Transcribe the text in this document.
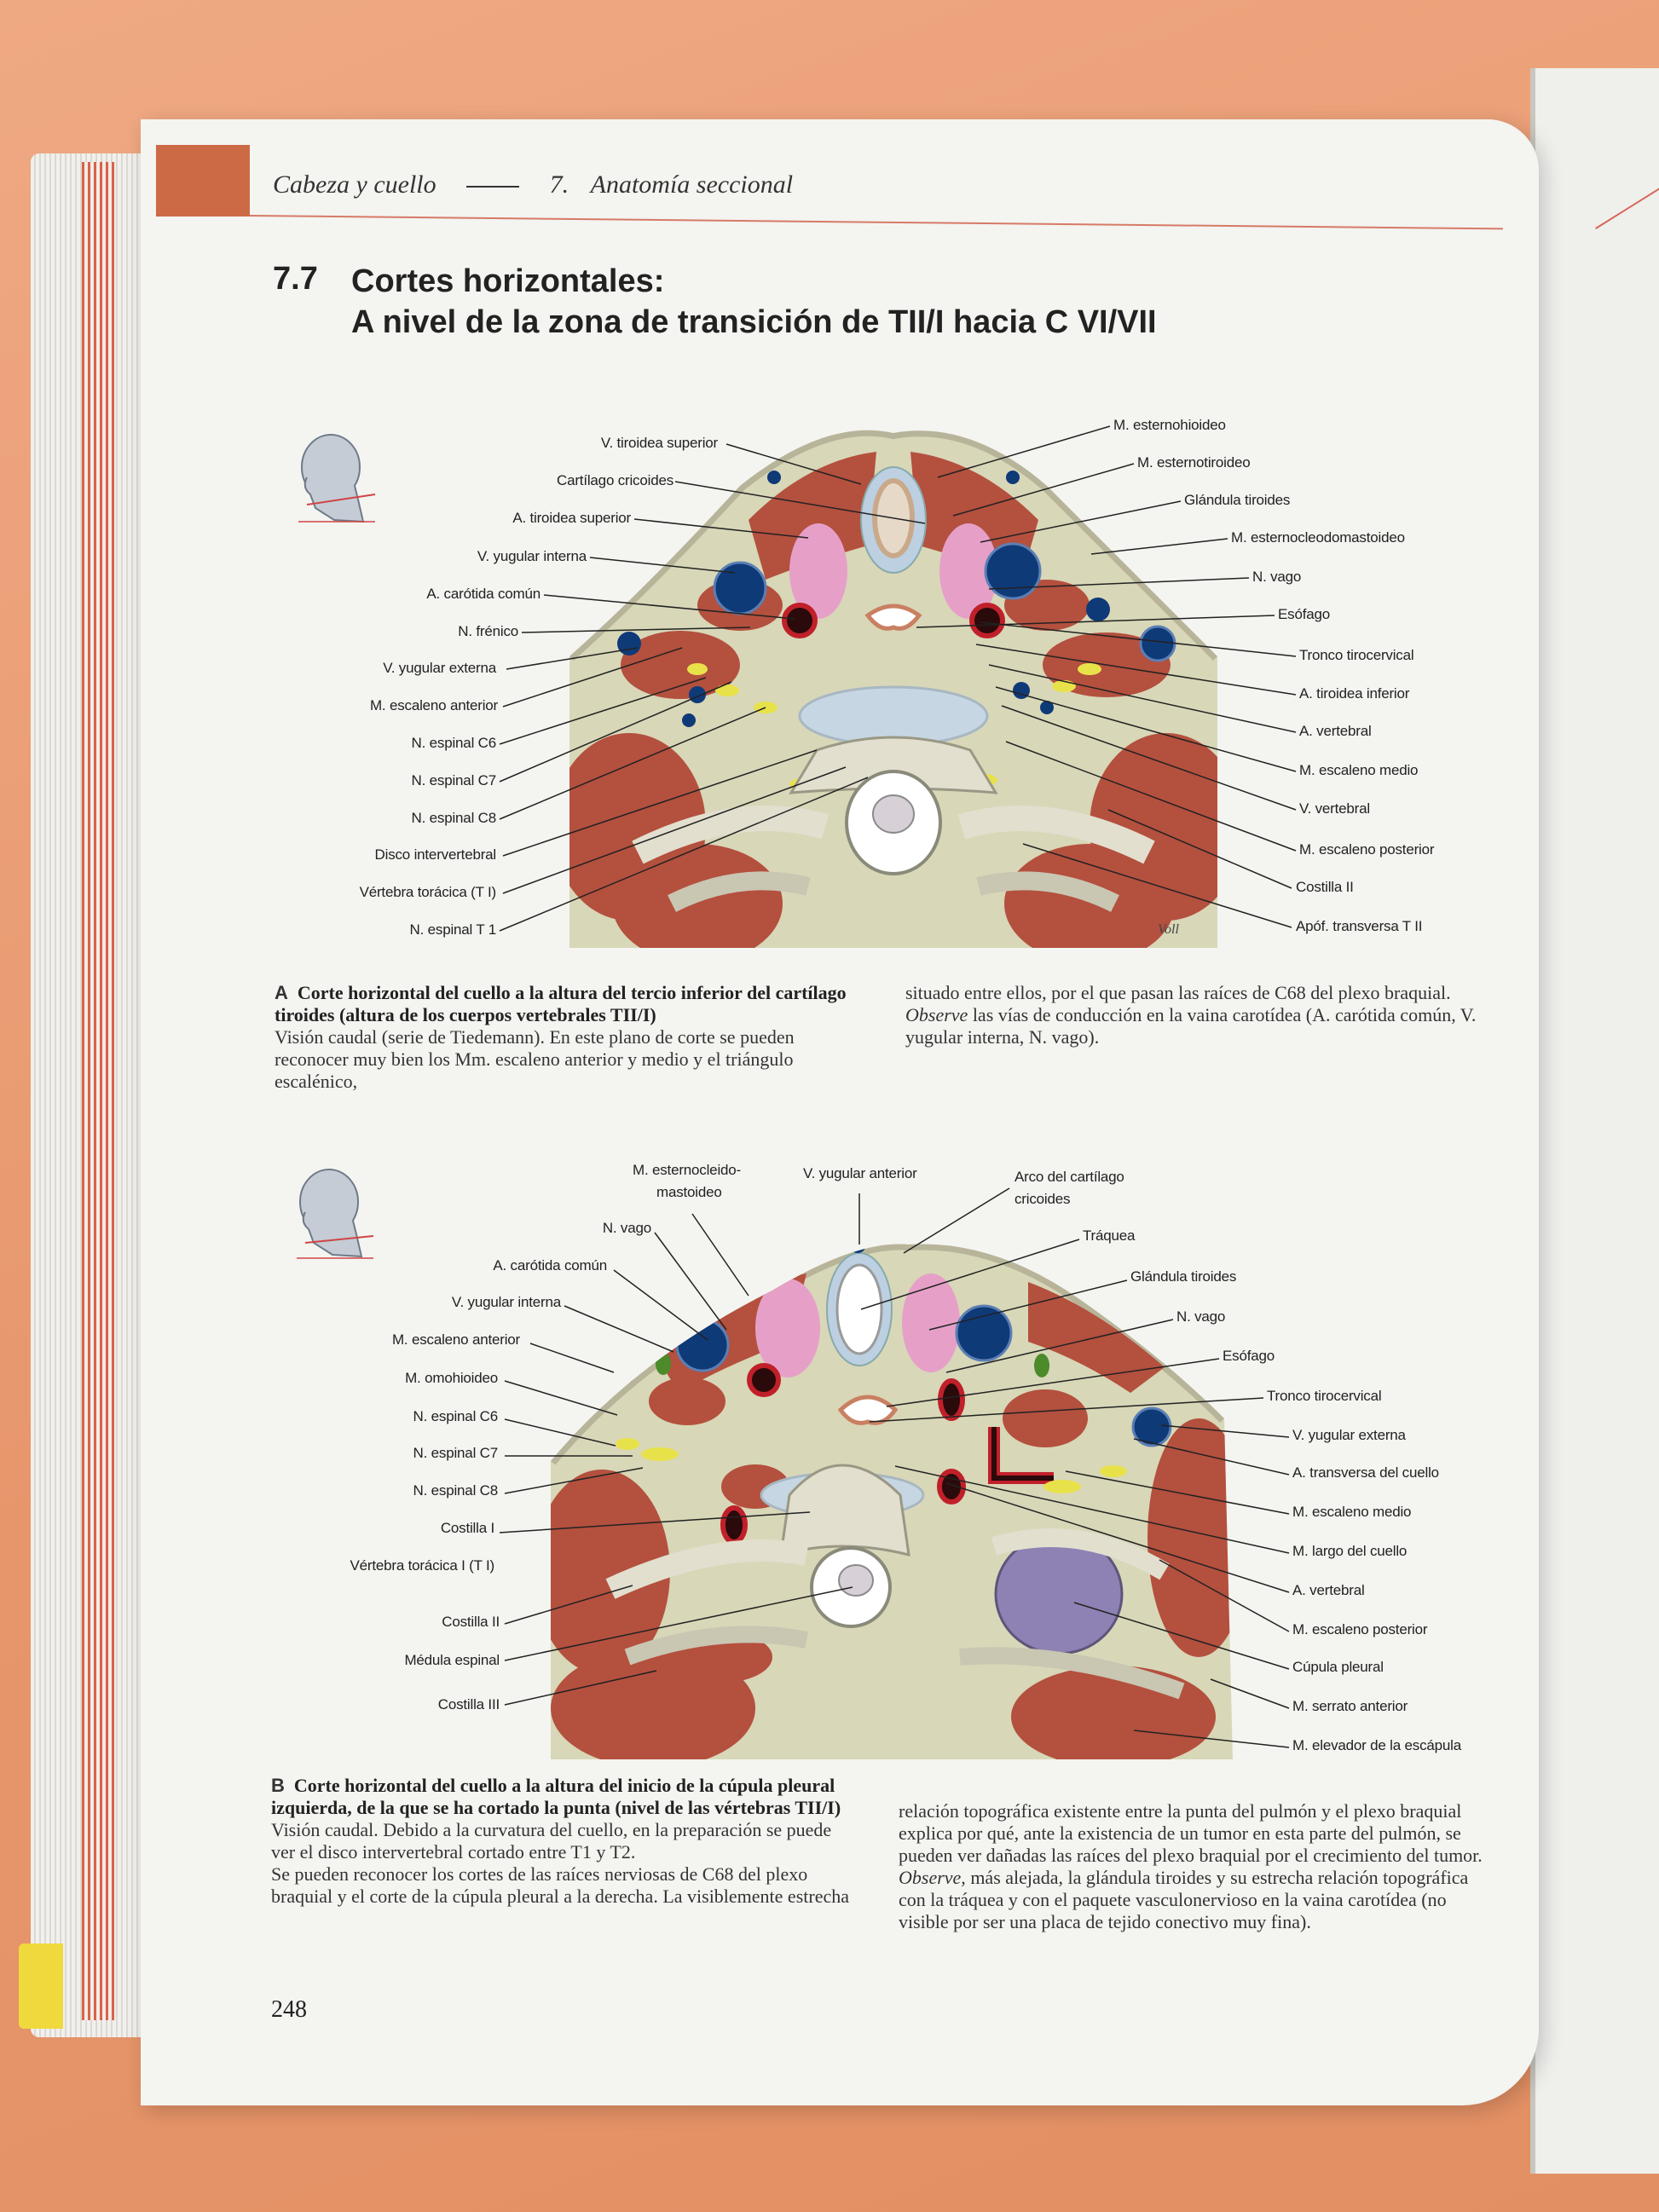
Cabeza y cuello	7. Anatomía seccional
7.7 Cortes horizontales:
A nivel de la zona de transición de TII/I hacia C VI/VII
Voll
V. tiroidea superior
Cartílago cricoides
A. tiroidea superior
V. yugular interna
A. carótida común
N. frénico
V. yugular externa
M. escaleno anterior
N. espinal C6
N. espinal C7
N. espinal C8
Disco intervertebral
Vértebra torácica (T I)
N. espinal T 1
M. esternohioideo
M. esternotiroideo
Glándula tiroides
M. esternocleodomastoideo
N. vago
Esófago
Tronco tirocervical
A. tiroidea inferior
A. vertebral
M. escaleno medio
V. vertebral
M. escaleno posterior
Costilla II
Apóf. transversa T II

A Corte horizontal del cuello a la altura del tercio inferior del cartílago tiroides (altura de los cuerpos vertebrales TII/I)

Visión caudal (serie de Tiedemann). En este plano de corte se pueden reconocer muy bien los Mm. escaleno anterior y medio y el triángulo escalénico,

situado entre ellos, por el que pasan las raíces de C68 del plexo braquial. Observe las vías de conducción en la vaina carotídea (A. carótida común, V. yugular interna, N. vago).
M. esternocleido-
mastoideo
V. yugular anterior	Arco del cartílago
cricoides
N. vago
A. carótida común
V. yugular interna
M. escaleno anterior
M. omohioideo
N. espinal C6
N. espinal C7
N. espinal C8
Costilla I
Vértebra torácica I (T I)
Costilla II
Médula espinal
Costilla III
Tráquea
Glándula tiroides
N. vago
Esófago
Tronco tirocervical
V. yugular externa
A. transversa del cuello
M. escaleno medio
M. largo del cuello
A. vertebral
M. escaleno posterior
Cúpula pleural
M. serrato anterior
M. elevador de la escápula

B Corte horizontal del cuello a la altura del inicio de la cúpula pleural izquierda, de la que se ha cortado la punta (nivel de las vértebras TII/I)

Visión caudal. Debido a la curvatura del cuello, en la preparación se puede ver el disco intervertebral cortado entre T1 y T2.

Se pueden reconocer los cortes de las raíces nerviosas de C68 del plexo braquial y el corte de la cúpula pleural a la derecha. La visiblemente estrecha

relación topográfica existente entre la punta del pulmón y el plexo braquial explica por qué, ante la existencia de un tumor en esta parte del pulmón, se pueden ver dañadas las raíces del plexo braquial por el crecimiento del tumor. Observe, más alejada, la glándula tiroides y su estrecha relación topográfica con la tráquea y con el paquete vasculonervioso en la vaina carotídea (no visible por ser una placa de tejido conectivo muy fina).
248
